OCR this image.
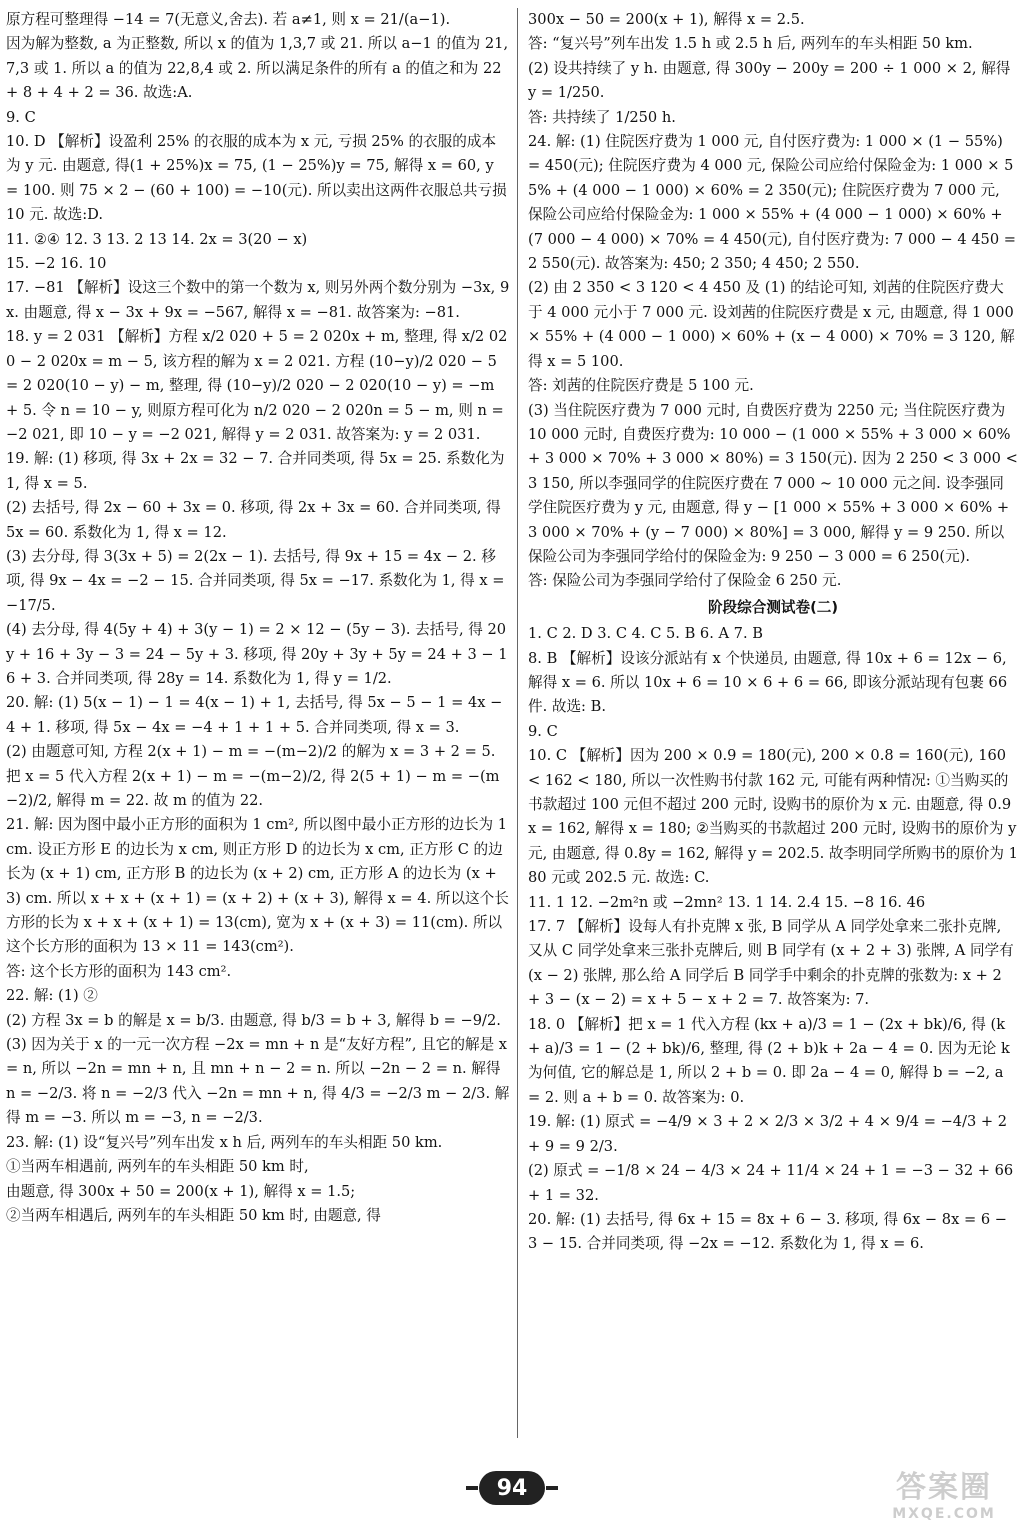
原方程可整理得 −14 = 7(无意义,舍去). 若 a≠1, 则 x = 21/(a−1).
因为解为整数, a 为正整数, 所以 x 的值为 1,3,7 或 21. 所以 a−1 的值为 21,7,3 或 1. 所以 a 的值为 22,8,4 或 2. 所以满足条件的所有 a 的值之和为 22 + 8 + 4 + 2 = 36. 故选:A.
9. C
10. D 【解析】设盈利 25% 的衣服的成本为 x 元, 亏损 25% 的衣服的成本为 y 元. 由题意, 得(1 + 25%)x = 75, (1 − 25%)y = 75, 解得 x = 60, y = 100. 则 75 × 2 − (60 + 100) = −10(元). 所以卖出这两件衣服总共亏损 10 元. 故选:D.
11. ②④ 12. 3 13. 2 13 14. 2x = 3(20 − x)
15. −2 16. 10
17. −81 【解析】设这三个数中的第一个数为 x, 则另外两个数分别为 −3x, 9x. 由题意, 得 x − 3x + 9x = −567, 解得 x = −81. 故答案为: −81.
18. y = 2 031 【解析】方程 x/2 020 + 5 = 2 020x + m, 整理, 得 x/2 020 − 2 020x = m − 5, 该方程的解为 x = 2 021. 方程 (10−y)/2 020 − 5 = 2 020(10 − y) − m, 整理, 得 (10−y)/2 020 − 2 020(10 − y) = −m + 5. 令 n = 10 − y, 则原方程可化为 n/2 020 − 2 020n = 5 − m, 则 n = −2 021, 即 10 − y = −2 021, 解得 y = 2 031. 故答案为: y = 2 031.
19. 解: (1) 移项, 得 3x + 2x = 32 − 7. 合并同类项, 得 5x = 25. 系数化为 1, 得 x = 5.
(2) 去括号, 得 2x − 60 + 3x = 0. 移项, 得 2x + 3x = 60. 合并同类项, 得 5x = 60. 系数化为 1, 得 x = 12.
(3) 去分母, 得 3(3x + 5) = 2(2x − 1). 去括号, 得 9x + 15 = 4x − 2. 移项, 得 9x − 4x = −2 − 15. 合并同类项, 得 5x = −17. 系数化为 1, 得 x = −17/5.
(4) 去分母, 得 4(5y + 4) + 3(y − 1) = 2 × 12 − (5y − 3). 去括号, 得 20y + 16 + 3y − 3 = 24 − 5y + 3. 移项, 得 20y + 3y + 5y = 24 + 3 − 16 + 3. 合并同类项, 得 28y = 14. 系数化为 1, 得 y = 1/2.
20. 解: (1) 5(x − 1) − 1 = 4(x − 1) + 1, 去括号, 得 5x − 5 − 1 = 4x − 4 + 1. 移项, 得 5x − 4x = −4 + 1 + 1 + 5. 合并同类项, 得 x = 3.
(2) 由题意可知, 方程 2(x + 1) − m = −(m−2)/2 的解为 x = 3 + 2 = 5. 把 x = 5 代入方程 2(x + 1) − m = −(m−2)/2, 得 2(5 + 1) − m = −(m−2)/2, 解得 m = 22. 故 m 的值为 22.
21. 解: 因为图中最小正方形的面积为 1 cm², 所以图中最小正方形的边长为 1 cm. 设正方形 E 的边长为 x cm, 则正方形 D 的边长为 x cm, 正方形 C 的边长为 (x + 1) cm, 正方形 B 的边长为 (x + 2) cm, 正方形 A 的边长为 (x + 3) cm. 所以 x + x + (x + 1) = (x + 2) + (x + 3), 解得 x = 4. 所以这个长方形的长为 x + x + (x + 1) = 13(cm), 宽为 x + (x + 3) = 11(cm). 所以这个长方形的面积为 13 × 11 = 143(cm²).
答: 这个长方形的面积为 143 cm².
22. 解: (1) ②
(2) 方程 3x = b 的解是 x = b/3. 由题意, 得 b/3 = b + 3, 解得 b = −9/2.
(3) 因为关于 x 的一元一次方程 −2x = mn + n 是“友好方程”, 且它的解是 x = n, 所以 −2n = mn + n, 且 mn + n − 2 = n. 所以 −2n − 2 = n. 解得 n = −2/3. 将 n = −2/3 代入 −2n = mn + n, 得 4/3 = −2/3 m − 2/3. 解得 m = −3. 所以 m = −3, n = −2/3.
23. 解: (1) 设“复兴号”列车出发 x h 后, 两列车的车头相距 50 km.
①当两车相遇前, 两列车的车头相距 50 km 时,
由题意, 得 300x + 50 = 200(x + 1), 解得 x = 1.5;
②当两车相遇后, 两列车的车头相距 50 km 时, 由题意, 得
300x − 50 = 200(x + 1), 解得 x = 2.5.
答: “复兴号”列车出发 1.5 h 或 2.5 h 后, 两列车的车头相距 50 km.
(2) 设共持续了 y h. 由题意, 得 300y − 200y = 200 ÷ 1 000 × 2, 解得 y = 1/250.
答: 共持续了 1/250 h.
24. 解: (1) 住院医疗费为 1 000 元, 自付医疗费为: 1 000 × (1 − 55%) = 450(元); 住院医疗费为 4 000 元, 保险公司应给付保险金为: 1 000 × 55% + (4 000 − 1 000) × 60% = 2 350(元); 住院医疗费为 7 000 元, 保险公司应给付保险金为: 1 000 × 55% + (4 000 − 1 000) × 60% + (7 000 − 4 000) × 70% = 4 450(元), 自付医疗费为: 7 000 − 4 450 = 2 550(元). 故答案为: 450; 2 350; 4 450; 2 550.
(2) 由 2 350 < 3 120 < 4 450 及 (1) 的结论可知, 刘茜的住院医疗费大于 4 000 元小于 7 000 元. 设刘茜的住院医疗费是 x 元, 由题意, 得 1 000 × 55% + (4 000 − 1 000) × 60% + (x − 4 000) × 70% = 3 120, 解得 x = 5 100.
答: 刘茜的住院医疗费是 5 100 元.
(3) 当住院医疗费为 7 000 元时, 自费医疗费为 2250 元; 当住院医疗费为 10 000 元时, 自费医疗费为: 10 000 − (1 000 × 55% + 3 000 × 60% + 3 000 × 70% + 3 000 × 80%) = 3 150(元). 因为 2 250 < 3 000 < 3 150, 所以李强同学的住院医疗费在 7 000 ~ 10 000 元之间. 设李强同学住院医疗费为 y 元, 由题意, 得 y − [1 000 × 55% + 3 000 × 60% + 3 000 × 70% + (y − 7 000) × 80%] = 3 000, 解得 y = 9 250. 所以保险公司为李强同学给付的保险金为: 9 250 − 3 000 = 6 250(元).
答: 保险公司为李强同学给付了保险金 6 250 元.
阶段综合测试卷(二)
1. C 2. D 3. C 4. C 5. B 6. A 7. B
8. B 【解析】设该分派站有 x 个快递员, 由题意, 得 10x + 6 = 12x − 6, 解得 x = 6. 所以 10x + 6 = 10 × 6 + 6 = 66, 即该分派站现有包裹 66 件. 故选: B.
9. C
10. C 【解析】因为 200 × 0.9 = 180(元), 200 × 0.8 = 160(元), 160 < 162 < 180, 所以一次性购书付款 162 元, 可能有两种情况: ①当购买的书款超过 100 元但不超过 200 元时, 设购书的原价为 x 元. 由题意, 得 0.9x = 162, 解得 x = 180; ②当购买的书款超过 200 元时, 设购书的原价为 y 元, 由题意, 得 0.8y = 162, 解得 y = 202.5. 故李明同学所购书的原价为 180 元或 202.5 元. 故选: C.
11. 1 12. −2m²n 或 −2mn² 13. 1 14. 2.4 15. −8 16. 46
17. 7 【解析】设每人有扑克牌 x 张, B 同学从 A 同学处拿来二张扑克牌, 又从 C 同学处拿来三张扑克牌后, 则 B 同学有 (x + 2 + 3) 张牌, A 同学有 (x − 2) 张牌, 那么给 A 同学后 B 同学手中剩余的扑克牌的张数为: x + 2 + 3 − (x − 2) = x + 5 − x + 2 = 7. 故答案为: 7.
18. 0 【解析】把 x = 1 代入方程 (kx + a)/3 = 1 − (2x + bk)/6, 得 (k + a)/3 = 1 − (2 + bk)/6, 整理, 得 (2 + b)k + 2a − 4 = 0. 因为无论 k 为何值, 它的解总是 1, 所以 2 + b = 0. 即 2a − 4 = 0, 解得 b = −2, a = 2. 则 a + b = 0. 故答案为: 0.
19. 解: (1) 原式 = −4/9 × 3 + 2 × 2/3 × 3/2 + 4 × 9/4 = −4/3 + 2 + 9 = 9 2/3.
(2) 原式 = −1/8 × 24 − 4/3 × 24 + 11/4 × 24 + 1 = −3 − 32 + 66 + 1 = 32.
20. 解: (1) 去括号, 得 6x + 15 = 8x + 6 − 3. 移项, 得 6x − 8x = 6 − 3 − 15. 合并同类项, 得 −2x = −12. 系数化为 1, 得 x = 6.
94	答案圈
MXQE.COM
